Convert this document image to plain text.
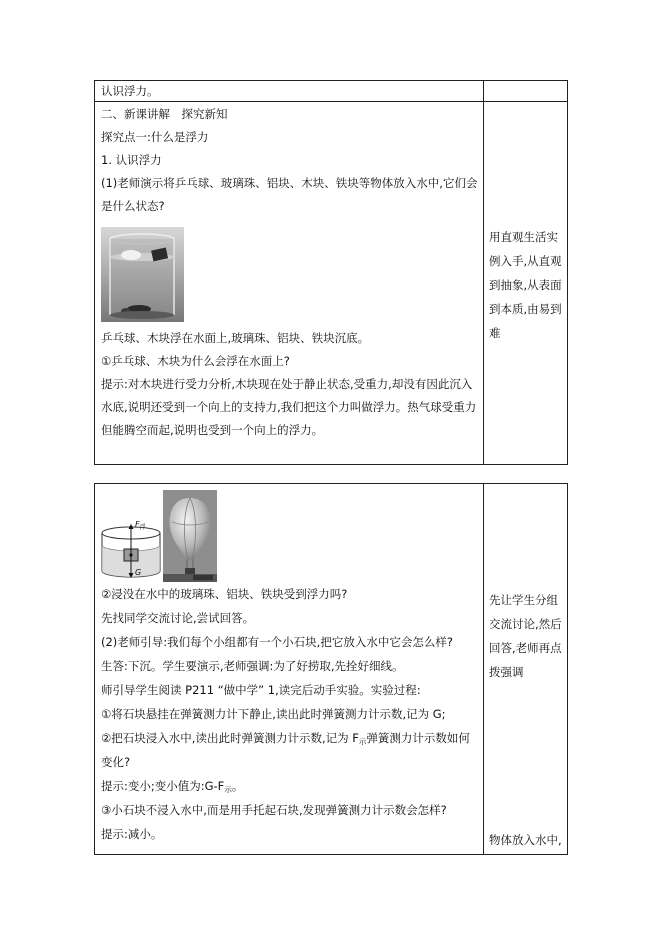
认识浮力。
二、新课讲解　探究新知
探究点一:什么是浮力
1. 认识浮力
(1)老师演示将乒乓球、玻璃珠、铝块、木块、铁块等物体放入水中,它们会
是什么状态?
乒乓球、木块浮在水面上,玻璃珠、铝块、铁块沉底。
①乒乓球、木块为什么会浮在水面上?
提示:对木块进行受力分析,木块现在处于静止状态,受重力,却没有因此沉入
水底,说明还受到一个向上的支持力,我们把这个力叫做浮力。热气球受重力
但能腾空而起,说明也受到一个向上的浮力。
用直观生活实
例入手,从直观
到抽象,从表面
到本质,由易到
难
$F_浮$
G
②浸没在水中的玻璃珠、铝块、铁块受到浮力吗?
先找同学交流讨论,尝试回答。
(2)老师引导:我们每个小组都有一个小石块,把它放入水中它会怎么样?
生答:下沉。学生要演示,老师强调:为了好捞取,先拴好细线。
师引导学生阅读 P211 “做中学” 1,读完后动手实验。实验过程:
①将石块悬挂在弹簧测力计下静止,读出此时弹簧测力计示数,记为 G;
②把石块浸入水中,读出此时弹簧测力计示数,记为 $F_示$弹簧测力计示数如何
变化?
提示:变小;变小值为$:G-F_示$。
③小石块不浸入水中,而是用手托起石块,发现弹簧测力计示数会怎样?
提示:减小。
先让学生分组
交流讨论,然后
回答,老师再点
拨强调
物体放入水中,
